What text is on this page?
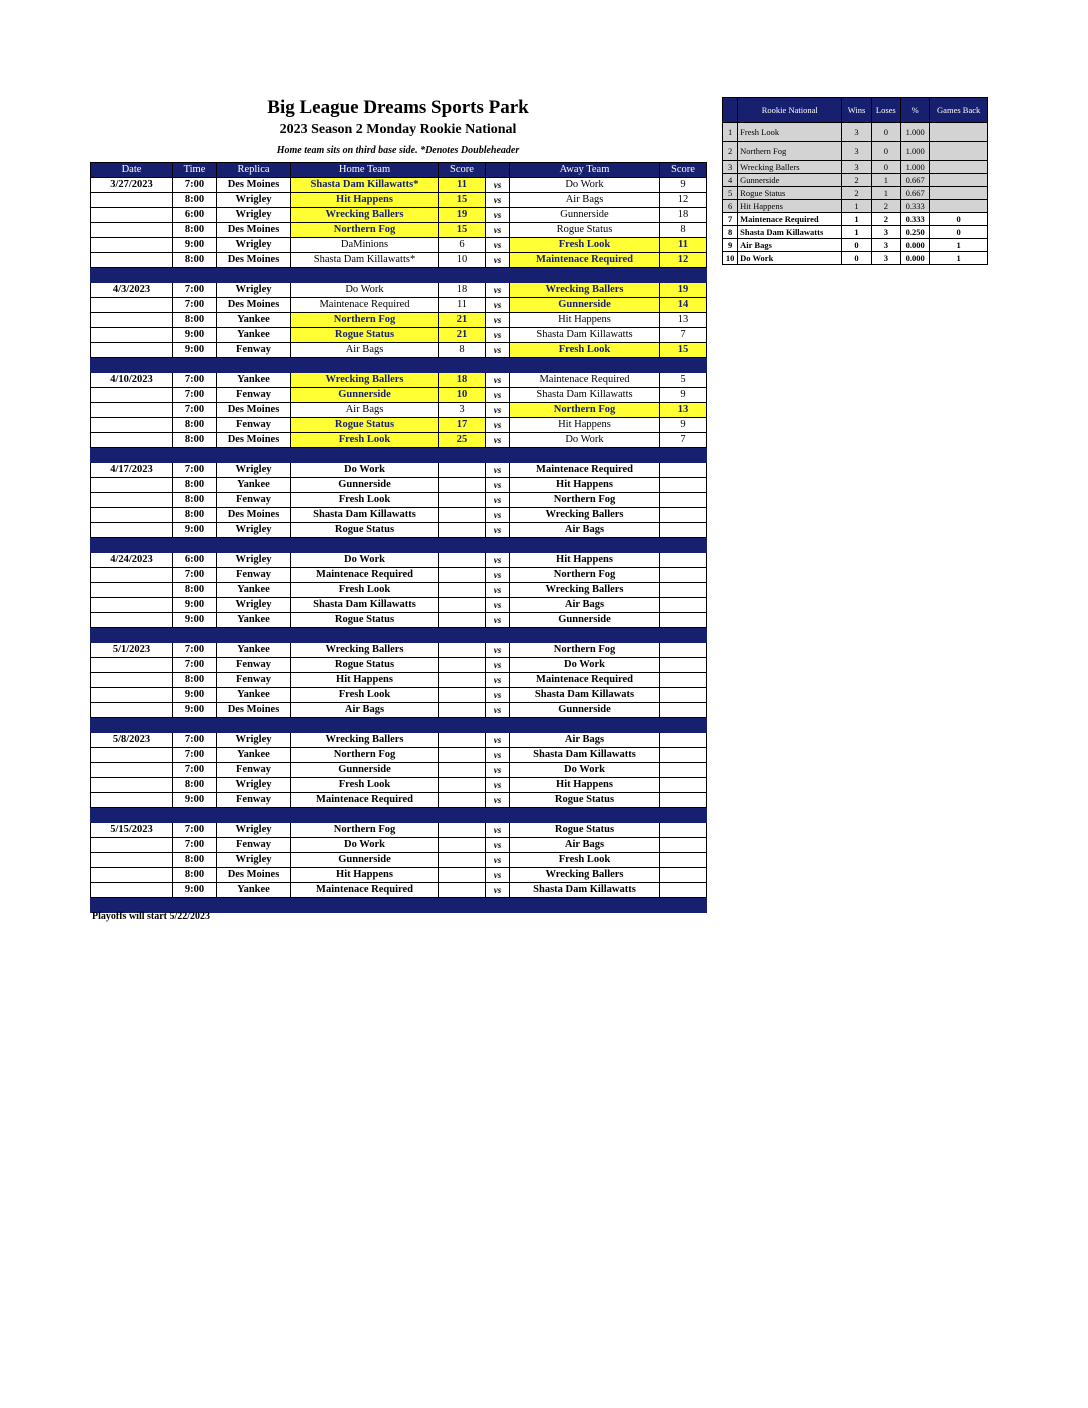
Big League Dreams Sports Park
2023 Season 2 Monday Rookie National
Home team sits on third base side. *Denotes Doubleheader
Date	Time	Replica	Home Team	Score		Away Team	Score
3/27/2023	7:00	Des Moines	Shasta Dam Killawatts*	11	vs	Do Work	9
	8:00	Wrigley	Hit Happens	15	vs	Air Bags	12
	6:00	Wrigley	Wrecking Ballers	19	vs	Gunnerside	18
	8:00	Des Moines	Northern Fog	15	vs	Rogue Status	8
	9:00	Wrigley	DaMinions	6	vs	Fresh Look	11
	8:00	Des Moines	Shasta Dam Killawatts*	10	vs	Maintenace Required	12

4/3/2023	7:00	Wrigley	Do Work	18	vs	Wrecking Ballers	19
	7:00	Des Moines	Maintenace Required	11	vs	Gunnerside	14
	8:00	Yankee	Northern Fog	21	vs	Hit Happens	13
	9:00	Yankee	Rogue Status	21	vs	Shasta Dam Killawatts	7
	9:00	Fenway	Air Bags	8	vs	Fresh Look	15

4/10/2023	7:00	Yankee	Wrecking Ballers	18	vs	Maintenace Required	5
	7:00	Fenway	Gunnerside	10	vs	Shasta Dam Killawatts	9
	7:00	Des Moines	Air Bags	3	vs	Northern Fog	13
	8:00	Fenway	Rogue Status	17	vs	Hit Happens	9
	8:00	Des Moines	Fresh Look	25	vs	Do Work	7

4/17/2023	7:00	Wrigley	Do Work		vs	Maintenace Required	
	8:00	Yankee	Gunnerside		vs	Hit Happens	
	8:00	Fenway	Fresh Look		vs	Northern Fog	
	8:00	Des Moines	Shasta Dam Killawatts		vs	Wrecking Ballers	
	9:00	Wrigley	Rogue Status		vs	Air Bags	

4/24/2023	6:00	Wrigley	Do Work		vs	Hit Happens	
	7:00	Fenway	Maintenace Required		vs	Northern Fog	
	8:00	Yankee	Fresh Look		vs	Wrecking Ballers	
	9:00	Wrigley	Shasta Dam Killawatts		vs	Air Bags	
	9:00	Yankee	Rogue Status		vs	Gunnerside	

5/1/2023	7:00	Yankee	Wrecking Ballers		vs	Northern Fog	
	7:00	Fenway	Rogue Status		vs	Do Work	
	8:00	Fenway	Hit Happens		vs	Maintenace Required	
	9:00	Yankee	Fresh Look		vs	Shasta Dam Killawats	
	9:00	Des Moines	Air Bags		vs	Gunnerside	

5/8/2023	7:00	Wrigley	Wrecking Ballers		vs	Air Bags	
	7:00	Yankee	Northern Fog		vs	Shasta Dam Killawatts	
	7:00	Fenway	Gunnerside		vs	Do Work	
	8:00	Wrigley	Fresh Look		vs	Hit Happens	
	9:00	Fenway	Maintenace Required		vs	Rogue Status	

5/15/2023	7:00	Wrigley	Northern Fog		vs	Rogue Status	
	7:00	Fenway	Do Work		vs	Air Bags	
	8:00	Wrigley	Gunnerside		vs	Fresh Look	
	8:00	Des Moines	Hit Happens		vs	Wrecking Ballers	
	9:00	Yankee	Maintenace Required		vs	Shasta Dam Killawatts	

Playoffs will start 5/22/2023
	Rookie National	Wins	Loses	%	Games Back
1	Fresh Look	3	0	1.000	
2	Northern Fog	3	0	1.000	
3	Wrecking Ballers	3	0	1.000	
4	Gunnerside	2	1	0.667	
5	Rogue Status	2	1	0.667	
6	Hit Happens	1	2	0.333	
7	Maintenace Required	1	2	0.333	0
8	Shasta Dam Killawatts	1	3	0.250	0
9	Air Bags	0	3	0.000	1
10	Do Work	0	3	0.000	1
